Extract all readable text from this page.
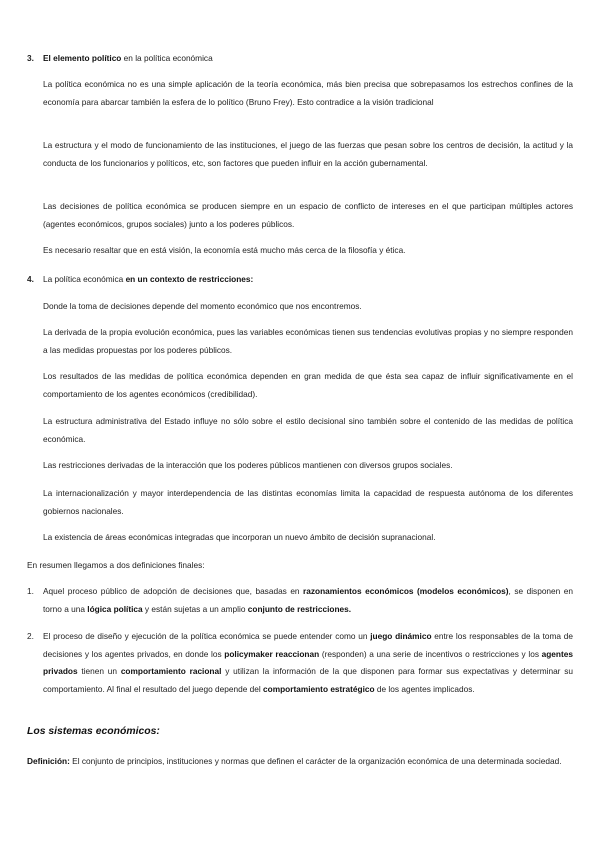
3. El elemento político en la política económica

La política económica no es una simple aplicación de la teoría económica, más bien precisa que sobrepasamos los estrechos confines de la economía para abarcar también la esfera de lo político (Bruno Frey). Esto contradice a la visión tradicional

La estructura y el modo de funcionamiento de las instituciones, el juego de las fuerzas que pesan sobre los centros de decisión, la actitud y la conducta de los funcionarios y políticos, etc, son factores que pueden influir en la acción gubernamental.

Las decisiones de política económica se producen siempre en un espacio de conflicto de intereses en el que participan múltiples actores (agentes económicos, grupos sociales) junto a los poderes públicos.

Es necesario resaltar que en está visión, la economía está mucho más cerca de la filosofía y ética.

4. La política económica en un contexto de restricciones:

Donde la toma de decisiones depende del momento económico que nos encontremos.

La derivada de la propia evolución económica, pues las variables económicas tienen sus tendencias evolutivas propias y no siempre responden a las medidas propuestas por los poderes públicos.

Los resultados de las medidas de política económica dependen en gran medida de que ésta sea capaz de influir significativamente en el comportamiento de los agentes económicos (credibilidad).

La estructura administrativa del Estado influye no sólo sobre el estilo decisional sino también sobre el contenido de las medidas de política económica.

Las restricciones derivadas de la interacción que los poderes públicos mantienen con diversos grupos sociales.

La internacionalización y mayor interdependencia de las distintas economías limita la capacidad de respuesta autónoma de los diferentes gobiernos nacionales.

La existencia de áreas económicas integradas que incorporan un nuevo ámbito de decisión supranacional.

En resumen llegamos a dos definiciones finales:

1. Aquel proceso público de adopción de decisiones que, basadas en razonamientos económicos (modelos económicos), se disponen en torno a una lógica política y están sujetas a un amplio conjunto de restricciones.

2. El proceso de diseño y ejecución de la política económica se puede entender como un juego dinámico entre los responsables de la toma de decisiones y los agentes privados, en donde los policymaker reaccionan (responden) a una serie de incentivos o restricciones y los agentes privados tienen un comportamiento racional y utilizan la información de la que disponen para formar sus expectativas y determinar su comportamiento. Al final el resultado del juego depende del comportamiento estratégico de los agentes implicados.

Los sistemas económicos:

Definición: El conjunto de principios, instituciones y normas que definen el carácter de la organización económica de una determinada sociedad.
